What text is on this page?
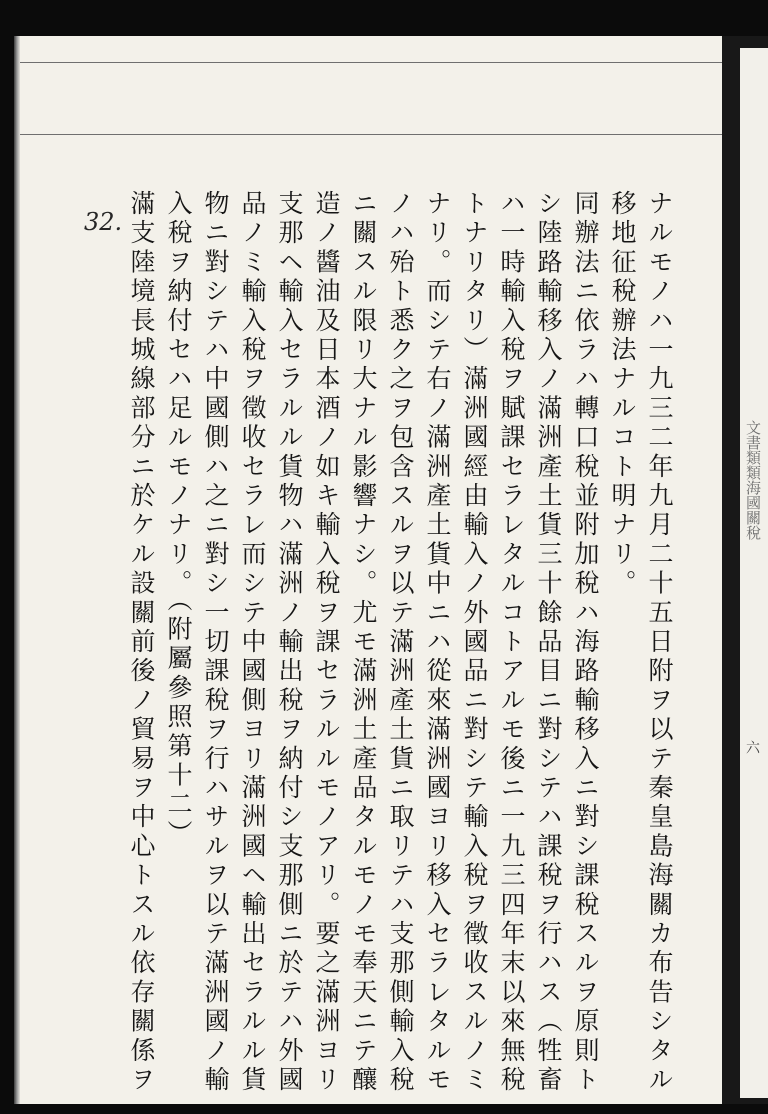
文書類類海國關稅
六
32.	ナルモノハ一九三二年九月二十五日附ヲ以テ秦皇島海關カ布告シタル
移地征稅辦法ナルコト明ナリ。
同辦法ニ依ラハ轉口稅並附加稅ハ海路輸移入ニ對シ課稅スルヲ原則ト
シ陸路輸移入ノ滿洲產土貨三十餘品目ニ對シテハ課稅ヲ行ハス（牲畜
ハ一時輸入稅ヲ賦課セラレタルコトアルモ後ニ一九三四年末以來無稅
トナリタリ）滿洲國經由輸入ノ外國品ニ對シテ輸入稅ヲ徵收スルノミ
ナリ。而シテ右ノ滿洲產土貨中ニハ從來滿洲國ヨリ移入セラレタルモ
ノハ殆ト悉ク之ヲ包含スルヲ以テ滿洲產土貨ニ取リテハ支那側輸入稅
ニ關スル限リ大ナル影響ナシ。尤モ滿洲土產品タルモノモ奉天ニテ釀
造ノ醬油及日本酒ノ如キ輸入稅ヲ課セラルルモノアリ。要之滿洲ヨリ
支那ヘ輸入セラルル貨物ハ滿洲ノ輸出稅ヲ納付シ支那側ニ於テハ外國
品ノミ輸入稅ヲ徵收セラレ而シテ中國側ヨリ滿洲國ヘ輸出セラルル貨
物ニ對シテハ中國側ハ之ニ對シ一切課稅ヲ行ハサルヲ以テ滿洲國ノ輸
入稅ヲ納付セハ足ルモノナリ。（附屬參照第十二）
滿支陸境長城線部分ニ於ケル設關前後ノ貿易ヲ中心トスル依存關係ヲ
